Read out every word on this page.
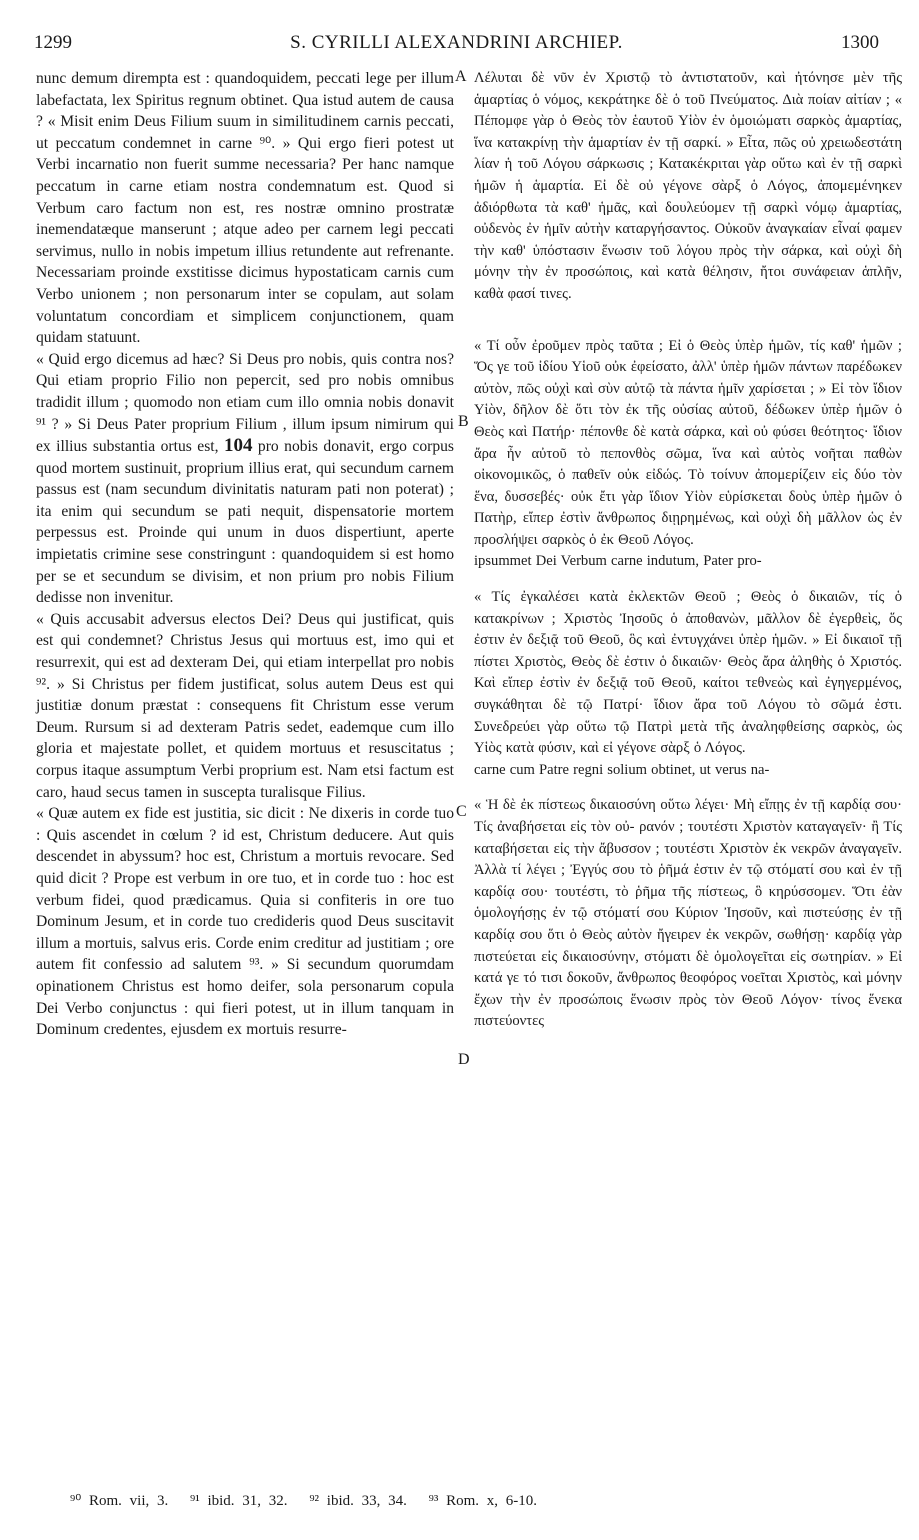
1299	S. CYRILLI ALEXANDRINI ARCHIEP.	1300
A
B
C
D

nunc demum dirempta est : quandoquidem, peccati lege per illum labefactata, lex Spiritus regnum obtinet. Qua istud autem de causa ? « Misit enim Deus Filium suum in similitudinem carnis peccati, ut peccatum condemnet in carne ⁹⁰. » Qui ergo fieri potest ut Verbi incarnatio non fuerit summe necessaria? Per hanc namque peccatum in carne etiam nostra condemnatum est. Quod si Verbum caro factum non est, res nostræ omnino prostratæ inemendatæque manserunt ; atque adeo per carnem legi peccati servimus, nullo in nobis impetum illius retundente aut refrenante. Necessariam proinde exstitisse dicimus hypostaticam carnis cum Verbo unionem ; non personarum inter se copulam, aut solam voluntatum concordiam et simplicem conjunctionem, quam quidam statuunt.

« Quid ergo dicemus ad hæc? Si Deus pro nobis, quis contra nos? Qui etiam proprio Filio non pepercit, sed pro nobis omnibus tradidit illum ; quomodo non etiam cum illo omnia nobis donavit ⁹¹ ? » Si Deus Pater proprium Filium , illum ipsum nimirum qui ex illius substantia ortus est, 104 pro nobis donavit, ergo corpus quod mortem sustinuit, proprium illius erat, qui secundum carnem passus est (nam secundum divinitatis naturam pati non poterat) ; ita enim qui secundum se pati nequit, dispensatorie mortem perpessus est. Proinde qui unum in duos dispertiunt, aperte impietatis crimine sese constringunt : quandoquidem si est homo per se et secundum se divisim, et non prium pro nobis Filium dedisse non invenitur.

« Quis accusabit adversus electos Dei? Deus qui justificat, quis est qui condemnet? Christus Jesus qui mortuus est, imo qui et resurrexit, qui est ad dexteram Dei, qui etiam interpellat pro nobis ⁹². » Si Christus per fidem justificat, solus autem Deus est qui justitiæ donum præstat : consequens fit Christum esse verum Deum. Rursum si ad dexteram Patris sedet, eademque cum illo gloria et majestate pollet, et quidem mortuus et resuscitatus ; corpus itaque assumptum Verbi proprium est. Nam etsi factum est caro, haud secus tamen in suscepta turalisque Filius.

« Quæ autem ex fide est justitia, sic dicit : Ne dixeris in corde tuo : Quis ascendet in cœlum ? id est, Christum deducere. Aut quis descendet in abyssum? hoc est, Christum a mortuis revocare. Sed quid dicit ? Prope est verbum in ore tuo, et in corde tuo : hoc est verbum fidei, quod prædicamus. Quia si confiteris in ore tuo Dominum Jesum, et in corde tuo credideris quod Deus suscitavit illum a mortuis, salvus eris. Corde enim creditur ad justitiam ; ore autem fit confessio ad salutem ⁹³. » Si secundum quorumdam opinationem Christus est homo deifer, sola personarum copula Dei Verbo conjunctus : qui fieri potest, ut in illum tanquam in Dominum credentes, ejusdem ex mortuis resurre-

Λέλυται δὲ νῦν ἐν Χριστῷ τὸ ἀντιστατοῦν, καὶ ἠτόνησε μὲν τῆς ἁμαρτίας ὁ νόμος, κεκράτηκε δὲ ὁ τοῦ Πνεύματος. Διὰ ποίαν αἰτίαν ; « Πέπομφε γὰρ ὁ Θεὸς τὸν ἑαυτοῦ Υἱὸν ἐν ὁμοιώματι σαρκὸς ἁμαρτίας, ἵνα κατακρίνῃ τὴν ἁμαρτίαν ἐν τῇ σαρκί. » Εἶτα, πῶς οὐ χρειωδεστάτη λίαν ἡ τοῦ Λόγου σάρκωσις ; Κατακέκριται γὰρ οὕτω καὶ ἐν τῇ σαρκὶ ἡμῶν ἡ ἁμαρτία. Εἰ δὲ οὐ γέγονε σὰρξ ὁ Λόγος, ἀπομεμένηκεν ἀδιόρθωτα τὰ καθ' ἡμᾶς, καὶ δουλεύομεν τῇ σαρκὶ νόμῳ ἁμαρτίας, οὐδενὸς ἐν ἡμῖν αὐτὴν καταργήσαντος. Οὐκοῦν ἀναγκαίαν εἶναί φαμεν τὴν καθ' ὑπόστασιν ἕνωσιν τοῦ λόγου πρὸς τὴν σάρκα, καὶ οὐχὶ δὴ μόνην τὴν ἐν προσώποις, καὶ κατὰ θέλησιν, ἤτοι συνάφειαν ἁπλῆν, καθὰ φασί τινες.

« Τί οὖν ἐροῦμεν πρὸς ταῦτα ; Εἰ ὁ Θεὸς ὑπὲρ ἡμῶν, τίς καθ' ἡμῶν ; Ὅς γε τοῦ ἰδίου Υἱοῦ οὐκ ἐφείσατο, ἀλλ' ὑπὲρ ἡμῶν πάντων παρέδωκεν αὐτὸν, πῶς οὐχὶ καὶ σὺν αὐτῷ τὰ πάντα ἡμῖν χαρίσεται ; » Εἰ τὸν ἴδιον Υἱὸν, δῆλον δὲ ὅτι τὸν ἐκ τῆς οὐσίας αὐτοῦ, δέδωκεν ὑπὲρ ἡμῶν ὁ Θεὸς καὶ Πατήρ· πέπονθε δὲ κατὰ σάρκα, καὶ οὐ φύσει θεότητος· ἴδιον ἄρα ἦν αὐτοῦ τὸ πεπονθὸς σῶμα, ἵνα καὶ αὐτὸς νοῆται παθὼν οἰκονομικῶς, ὁ παθεῖν οὐκ εἰδώς. Τὸ τοίνυν ἀπομερίζειν εἰς δύο τὸν ἕνα, δυσσεβές· οὐκ ἔτι γὰρ ἴδιον Υἱὸν εὑρίσκεται δοὺς ὑπὲρ ἡμῶν ὁ Πατὴρ, εἴπερ ἐστὶν ἄνθρωπος διῃρημένως, καὶ οὐχὶ δὴ μᾶλλον ὡς ἐν προσλήψει σαρκὸς ὁ ἐκ Θεοῦ Λόγος.

ipsummet Dei Verbum carne indutum, Pater pro-

« Τίς ἐγκαλέσει κατὰ ἐκλεκτῶν Θεοῦ ; Θεὸς ὁ δικαιῶν, τίς ὁ κατακρίνων ; Χριστὸς Ἰησοῦς ὁ ἀποθανὼν, μᾶλλον δὲ ἐγερθεὶς, ὅς ἐστιν ἐν δεξιᾷ τοῦ Θεοῦ, ὃς καὶ ἐντυγχάνει ὑπὲρ ἡμῶν. » Εἰ δικαιοῖ τῇ πίστει Χριστὸς, Θεὸς δὲ ἐστιν ὁ δικαιῶν· Θεὸς ἄρα ἀληθὴς ὁ Χριστός. Καὶ εἴπερ ἐστὶν ἐν δεξιᾷ τοῦ Θεοῦ, καίτοι τεθνεὼς καὶ ἐγηγερμένος, συγκάθηται δὲ τῷ Πατρί· ἴδιον ἄρα τοῦ Λόγου τὸ σῶμά ἐστι. Συνεδρεύει γὰρ οὕτω τῷ Πατρὶ μετὰ τῆς ἀναληφθείσης σαρκὸς, ὡς Υἱὸς κατὰ φύσιν, καὶ εἰ γέγονε σὰρξ ὁ Λόγος.

carne cum Patre regni solium obtinet, ut verus na-

« Ἡ δὲ ἐκ πίστεως δικαιοσύνη οὕτω λέγει· Μὴ εἴπῃς ἐν τῇ καρδίᾳ σου· Τίς ἀναβήσεται εἰς τὸν οὐ- ρανόν ; τουτέστι Χριστὸν καταγαγεῖν· ἢ Τίς καταβήσεται εἰς τὴν ἄβυσσον ; τουτέστι Χριστὸν ἐκ νεκρῶν ἀναγαγεῖν. Ἀλλὰ τί λέγει ; Ἐγγύς σου τὸ ῥῆμά ἐστιν ἐν τῷ στόματί σου καὶ ἐν τῇ καρδίᾳ σου· τουτέστι, τὸ ῥῆμα τῆς πίστεως, ὃ κηρύσσομεν. Ὅτι ἐὰν ὁμολογήσῃς ἐν τῷ στόματί σου Κύριον Ἰησοῦν, καὶ πιστεύσῃς ἐν τῇ καρδίᾳ σου ὅτι ὁ Θεὸς αὐτὸν ἤγειρεν ἐκ νεκρῶν, σωθήσῃ· καρδίᾳ γὰρ πιστεύεται εἰς δικαιοσύνην, στόματι δὲ ὁμολογεῖται εἰς σωτηρίαν. » Εἰ κατά γε τό τισι δοκοῦν, ἄνθρωπος θεοφόρος νοεῖται Χριστὸς, καὶ μόνην ἔχων τὴν ἐν προσώποις ἕνωσιν πρὸς τὸν Θεοῦ Λόγον· τίνος ἕνεκα πιστεύοντες

⁹⁰ Rom. vii, 3. ⁹¹ ibid. 31, 32. ⁹² ibid. 33, 34. ⁹³ Rom. x, 6-10.
